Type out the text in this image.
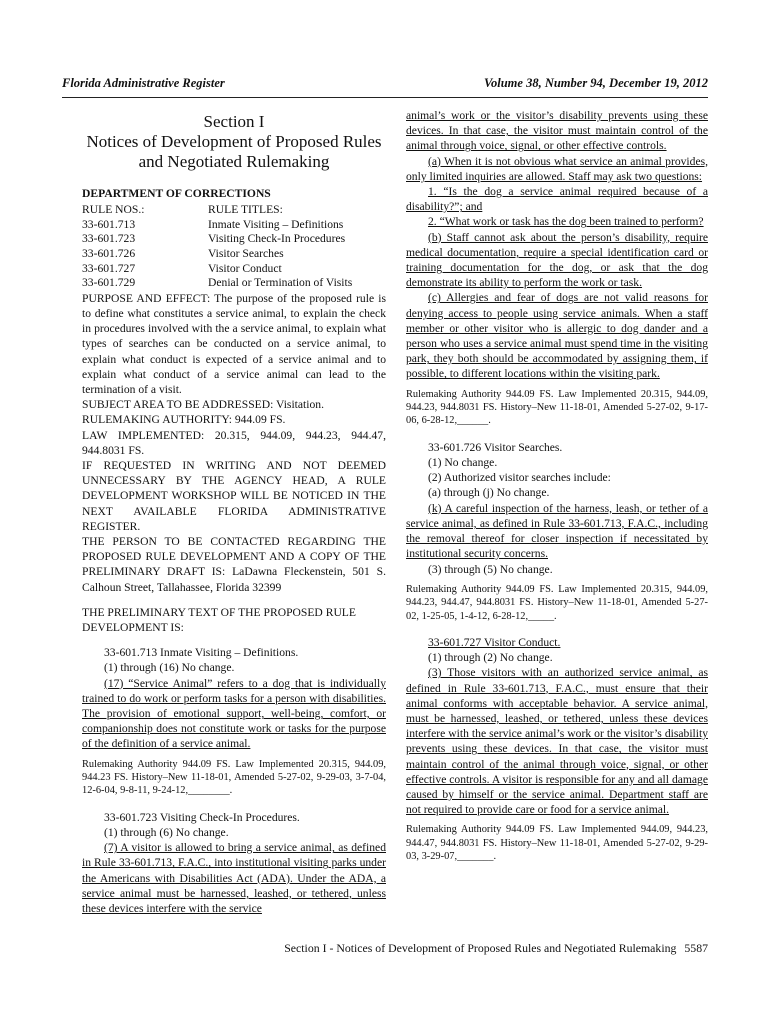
Florida Administrative Register	Volume 38, Number 94, December 19, 2012
Section I
Notices of Development of Proposed Rules
and Negotiated Rulemaking
DEPARTMENT OF CORRECTIONS
RULE NOS.:	RULE TITLES:
33-601.713	Inmate Visiting – Definitions
33-601.723	Visiting Check-In Procedures
33-601.726	Visitor Searches
33-601.727	Visitor Conduct
33-601.729	Denial or Termination of Visits

PURPOSE AND EFFECT: The purpose of the proposed rule is to define what constitutes a service animal, to explain the check in procedures involved with the a service animal, to explain what types of searches can be conducted on a service animal, to explain what conduct is expected of a service animal and to explain what conduct of a service animal can lead to the termination of a visit.

SUBJECT AREA TO BE ADDRESSED: Visitation.

RULEMAKING AUTHORITY: 944.09 FS.

LAW IMPLEMENTED: 20.315, 944.09, 944.23, 944.47, 944.8031 FS.

IF REQUESTED IN WRITING AND NOT DEEMED UNNECESSARY BY THE AGENCY HEAD, A RULE DEVELOPMENT WORKSHOP WILL BE NOTICED IN THE NEXT AVAILABLE FLORIDA ADMINISTRATIVE REGISTER.

THE PERSON TO BE CONTACTED REGARDING THE PROPOSED RULE DEVELOPMENT AND A COPY OF THE PRELIMINARY DRAFT IS: LaDawna Fleckenstein, 501 S. Calhoun Street, Tallahassee, Florida 32399

THE PRELIMINARY TEXT OF THE PROPOSED RULE DEVELOPMENT IS:

33-601.713 Inmate Visiting – Definitions.

(1) through (16) No change.

(17) “Service Animal” refers to a dog that is individually trained to do work or perform tasks for a person with disabilities. The provision of emotional support, well-being, comfort, or companionship does not constitute work or tasks for the purpose of the definition of a service animal.

Rulemaking Authority 944.09 FS. Law Implemented 20.315, 944.09, 944.23 FS. History–New 11-18-01, Amended 5-27-02, 9-29-03, 3-7-04, 12-6-04, 9-8-11, 9-24-12,________.

33-601.723 Visiting Check-In Procedures.

(1) through (6) No change.

(7) A visitor is allowed to bring a service animal, as defined in Rule 33-601.713, F.A.C., into institutional visiting parks under the Americans with Disabilities Act (ADA). Under the ADA, a service animal must be harnessed, leashed, or tethered, unless these devices interfere with the service

animal’s work or the visitor’s disability prevents using these devices. In that case, the visitor must maintain control of the animal through voice, signal, or other effective controls.

(a) When it is not obvious what service an animal provides, only limited inquiries are allowed. Staff may ask two questions:

1. “Is the dog a service animal required because of a disability?”; and

2. “What work or task has the dog been trained to perform?

(b) Staff cannot ask about the person’s disability, require medical documentation, require a special identification card or training documentation for the dog, or ask that the dog demonstrate its ability to perform the work or task.

(c) Allergies and fear of dogs are not valid reasons for denying access to people using service animals. When a staff member or other visitor who is allergic to dog dander and a person who uses a service animal must spend time in the visiting park, they both should be accommodated by assigning them, if possible, to different locations within the visiting park.

Rulemaking Authority 944.09 FS. Law Implemented 20.315, 944.09, 944.23, 944.8031 FS. History–New 11-18-01, Amended 5-27-02, 9-17-06, 6-28-12,______.

33-601.726 Visitor Searches.

(1) No change.

(2) Authorized visitor searches include:

(a) through (j) No change.

(k) A careful inspection of the harness, leash, or tether of a service animal, as defined in Rule 33-601.713, F.A.C., including the removal thereof for closer inspection if necessitated by institutional security concerns.

(3) through (5) No change.

Rulemaking Authority 944.09 FS. Law Implemented 20.315, 944.09, 944.23, 944.47, 944.8031 FS. History–New 11-18-01, Amended 5-27-02, 1-25-05, 1-4-12, 6-28-12,_____.

33-601.727 Visitor Conduct.

(1) through (2) No change.

(3) Those visitors with an authorized service animal, as defined in Rule 33-601.713, F.A.C., must ensure that their animal conforms with acceptable behavior. A service animal, must be harnessed, leashed, or tethered, unless these devices interfere with the service animal’s work or the visitor’s disability prevents using these devices. In that case, the visitor must maintain control of the animal through voice, signal, or other effective controls. A visitor is responsible for any and all damage caused by himself or the service animal. Department staff are not required to provide care or food for a service animal.

Rulemaking Authority 944.09 FS. Law Implemented 944.09, 944.23, 944.47, 944.8031 FS. History–New 11-18-01, Amended 5-27-02, 9-29-03, 3-29-07,_______.

Section I - Notices of Development of Proposed Rules and Negotiated Rulemaking 5587
